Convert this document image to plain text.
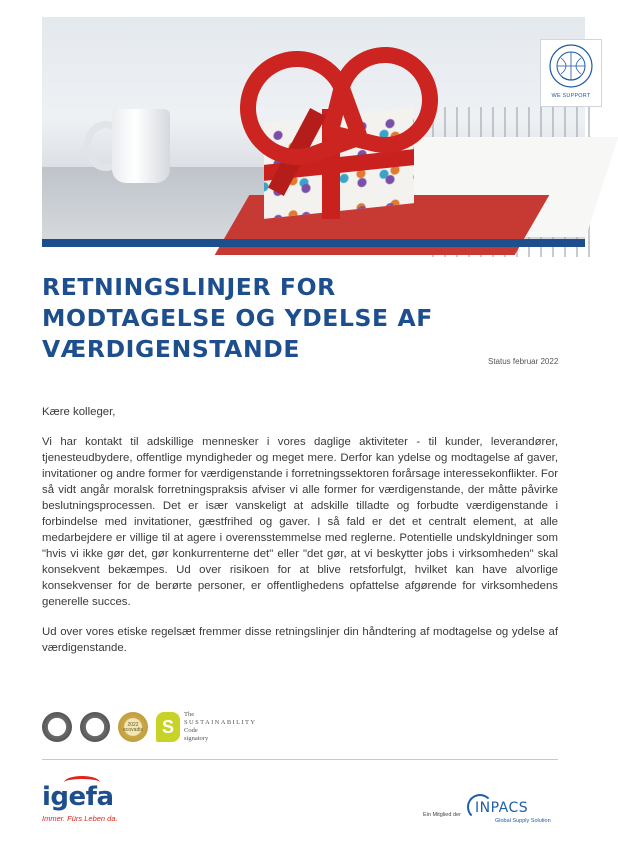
WE SUPPORT
RETNINGSLINJER FOR
MODTAGELSE OG YDELSE AF
VÆRDIGENSTANDE	Status februar 2022

Kære kolleger,

Vi har kontakt til adskillige mennesker i vores daglige aktiviteter - til kunder, leverandører, tjenesteudbydere, offentlige myndigheder og meget mere. Derfor kan ydelse og modtagelse af gaver, invitationer og andre former for værdigenstande i forretningssektoren forårsage interessekonflikter. For så vidt angår moralsk forretningspraksis afviser vi alle former for værdigenstande, der måtte påvirke beslutningsprocessen. Det er især vanskeligt at adskille tilladte og forbudte værdigenstande i forbindelse med invitationer, gæstfrihed og gaver. I så fald er det et centralt element, at alle medarbejdere er villige til at agere i overensstemmelse med reglerne. Potentielle undskyldninger som "hvis vi ikke gør det, gør konkurrenterne det" eller "det gør, at vi beskytter jobs i virksomheden" skal konsekvent bekæmpes. Ud over risikoen for at blive retsforfulgt, hvilket kan have alvorlige konsekvenser for de berørte personer, er offentlighedens opfattelse afgørende for virksomhedens generelle succes.

Ud over vores etiske regelsæt fremmer disse retningslinjer din håndtering af modtagelse og ydelse af værdigenstande.

2022 ecovadis	S
The
SUSTAINABILITY
Code
signatory
igefa
Immer. Fürs Leben da.	Ein Mitglied der INPACS
Global Supply Solution
